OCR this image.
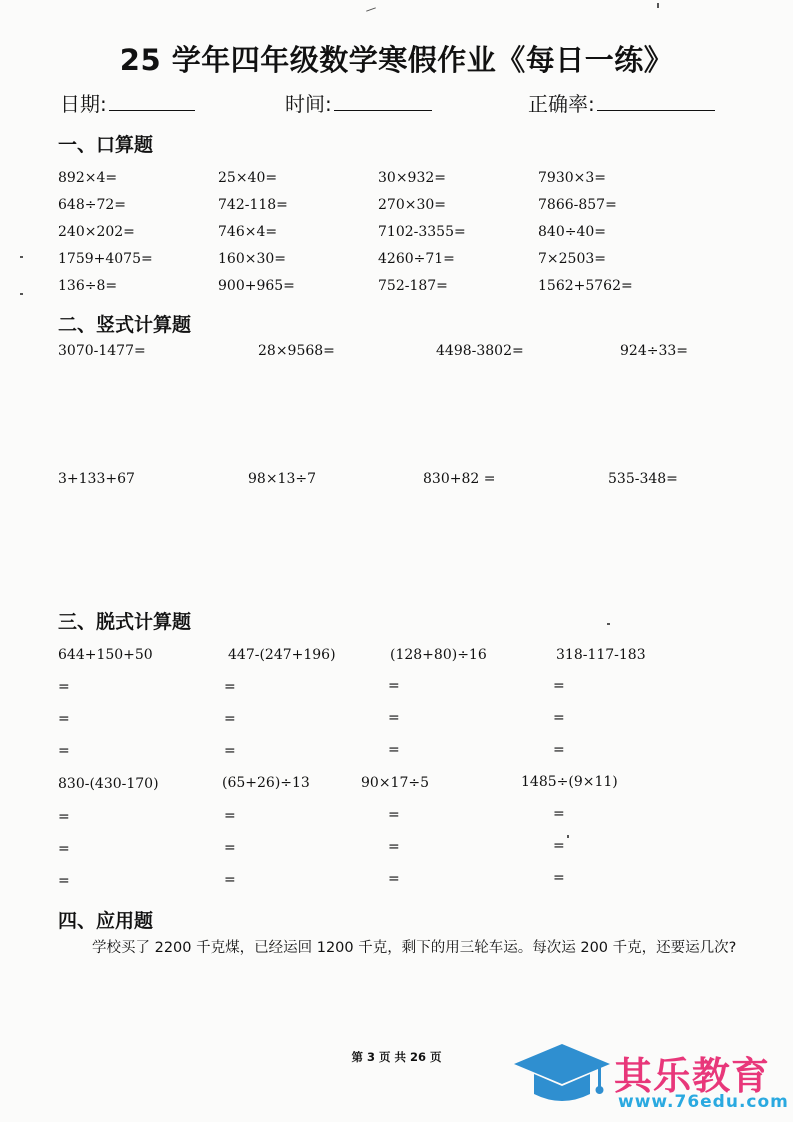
25 学年四年级数学寒假作业《每日一练》
日期:	时间:	正确率:
一、口算题
892×4=	25×40=	30×932=	7930×3=
648÷72=	742-118=	270×30=	7866-857=
240×202=	746×4=	7102-3355=	840÷40=
1759+4075=	160×30=	4260÷71=	7×2503=
136÷8=	900+965=	752-187=	1562+5762=
二、竖式计算题
3070-1477=	28×9568=	4498-3802=	924÷33=
3+133+67	98×13÷7	830+82 =	535-348=
三、脱式计算题
644+150+50	447-(247+196)	(128+80)÷16	318-117-183
=	=	=	=
=	=	=	=
=	=	=	=
830-(430-170)	(65+26)÷13	90×17÷5	1485÷(9×11)
=	=	=	=
=	=	=	=
=	=	=	=
四、应用题
学校买了 2200 千克煤，已经运回 1200 千克，剩下的用三轮车运。每次运 200 千克，还要运几次?
第 3 页 共 26 页	其乐教育
www.76edu.com
